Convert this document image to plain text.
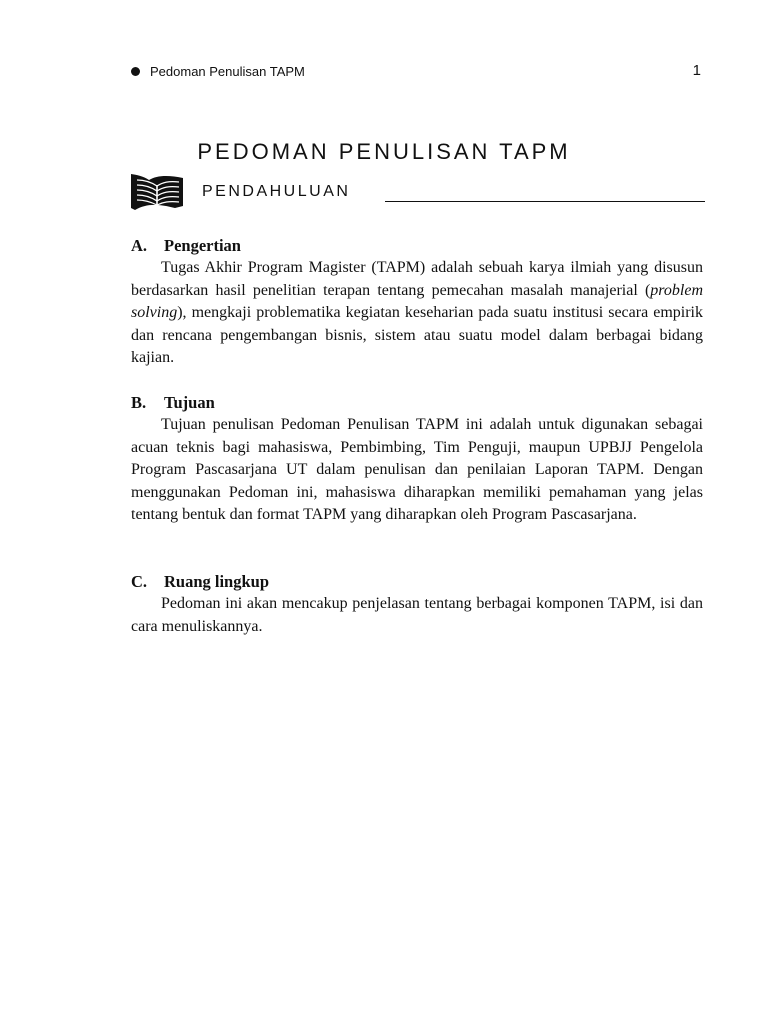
Pedoman Penulisan TAPM	1
PEDOMAN PENULISAN TAPM
PENDAHULUAN
A. Pengertian

Tugas Akhir Program Magister (TAPM) adalah sebuah karya ilmiah yang disusun berdasarkan hasil penelitian terapan tentang pemecahan masalah manajerial (problem solving), mengkaji problematika kegiatan keseharian pada suatu institusi secara empirik dan rencana pengembangan bisnis, sistem atau suatu model dalam berbagai bidang kajian.

B. Tujuan

Tujuan penulisan Pedoman Penulisan TAPM ini adalah untuk digunakan sebagai acuan teknis bagi mahasiswa, Pembimbing, Tim Penguji, maupun UPBJJ Pengelola Program Pascasarjana UT dalam penulisan dan penilaian Laporan TAPM. Dengan menggunakan Pedoman ini, mahasiswa diharapkan memiliki pemahaman yang jelas tentang bentuk dan format TAPM yang diharapkan oleh Program Pascasarjana.

C. Ruang lingkup

Pedoman ini akan mencakup penjelasan tentang berbagai komponen TAPM, isi dan cara menuliskannya.
